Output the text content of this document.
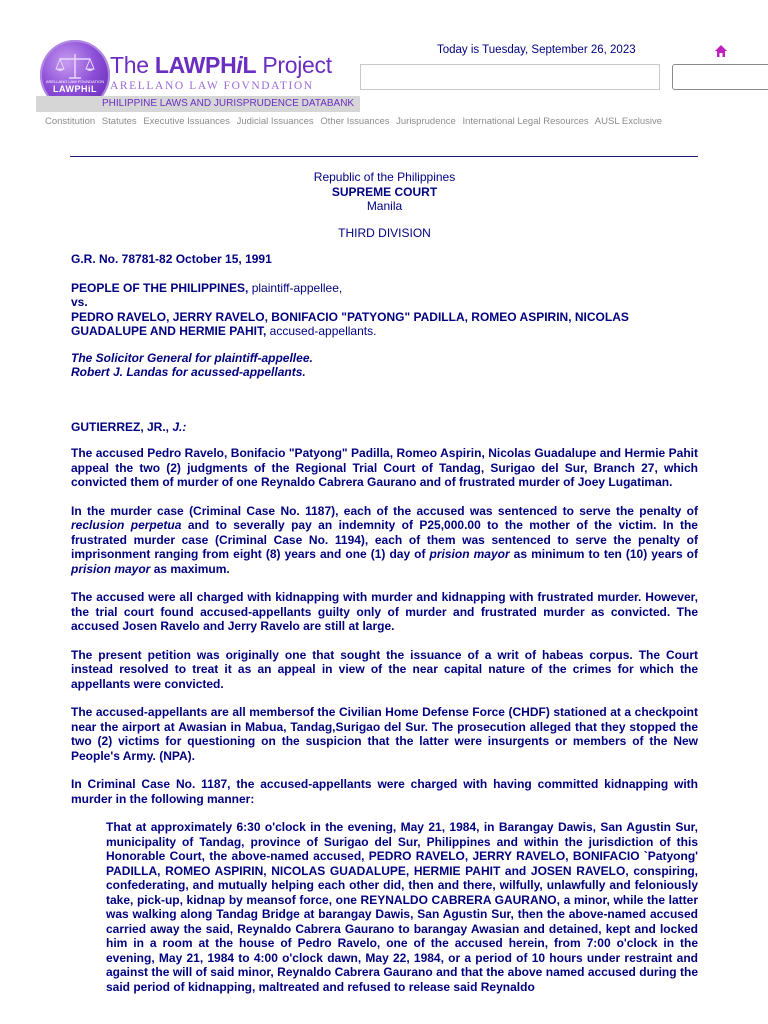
ARELLANO LAW FOUNDATION
LAWPHiL
The LAWPHiL Project
ARELLANO LAW FOVNDATION
PHILIPPINE LAWS AND JURISPRUDENCE DATABANK
Today is Tuesday, September 26, 2023
Constitution Statutes Executive Issuances Judicial Issuances Other Issuances Jurisprudence International Legal Resources AUSL Exclusive
Republic of the Philippines
SUPREME COURT
Manila
THIRD DIVISION
G.R. No. 78781-82 October 15, 1991
PEOPLE OF THE PHILIPPINES, plaintiff-appellee,
vs.
PEDRO RAVELO, JERRY RAVELO, BONIFACIO "PATYONG" PADILLA, ROMEO ASPIRIN, NICOLAS GUADALUPE AND HERMIE PAHIT, accused-appellants.
The Solicitor General for plaintiff-appellee.
Robert J. Landas for acussed-appellants.
GUTIERREZ, JR., J.:

The accused Pedro Ravelo, Bonifacio "Patyong" Padilla, Romeo Aspirin, Nicolas Guadalupe and Hermie Pahit appeal the two (2) judgments of the Regional Trial Court of Tandag, Surigao del Sur, Branch 27, which convicted them of murder of one Reynaldo Cabrera Gaurano and of frustrated murder of Joey Lugatiman.

In the murder case (Criminal Case No. 1187), each of the accused was sentenced to serve the penalty of reclusion perpetua and to severally pay an indemnity of P25,000.00 to the mother of the victim. In the frustrated murder case (Criminal Case No. 1194), each of them was sentenced to serve the penalty of imprisonment ranging from eight (8) years and one (1) day of prision mayor as minimum to ten (10) years of prision mayor as maximum.

The accused were all charged with kidnapping with murder and kidnapping with frustrated murder. However, the trial court found accused-appellants guilty only of murder and frustrated murder as convicted. The accused Josen Ravelo and Jerry Ravelo are still at large.

The present petition was originally one that sought the issuance of a writ of habeas corpus. The Court instead resolved to treat it as an appeal in view of the near capital nature of the crimes for which the appellants were convicted.

The accused-appellants are all membersof the Civilian Home Defense Force (CHDF) stationed at a checkpoint near the airport at Awasian in Mabua, Tandag,Surigao del Sur. The prosecution alleged that they stopped the two (2) victims for questioning on the suspicion that the latter were insurgents or members of the New People's Army. (NPA).

In Criminal Case No. 1187, the accused-appellants were charged with having committed kidnapping with murder in the following manner:

That at approximately 6:30 o'clock in the evening, May 21, 1984, in Barangay Dawis, San Agustin Sur, municipality of Tandag, province of Surigao del Sur, Philippines and within the jurisdiction of this Honorable Court, the above-named accused, PEDRO RAVELO, JERRY RAVELO, BONIFACIO `Patyong' PADILLA, ROMEO ASPIRIN, NICOLAS GUADALUPE, HERMIE PAHIT and JOSEN RAVELO, conspiring, confederating, and mutually helping each other did, then and there, wilfully, unlawfully and feloniously take, pick-up, kidnap by meansof force, one REYNALDO CABRERA GAURANO, a minor, while the latter was walking along Tandag Bridge at barangay Dawis, San Agustin Sur, then the above-named accused carried away the said, Reynaldo Cabrera Gaurano to barangay Awasian and detained, kept and locked him in a room at the house of Pedro Ravelo, one of the accused herein, from 7:00 o'clock in the evening, May 21, 1984 to 4:00 o'clock dawn, May 22, 1984, or a period of 10 hours under restraint and against the will of said minor, Reynaldo Cabrera Gaurano and that the above named accused during the said period of kidnapping, maltreated and refused to release said Reynaldo
